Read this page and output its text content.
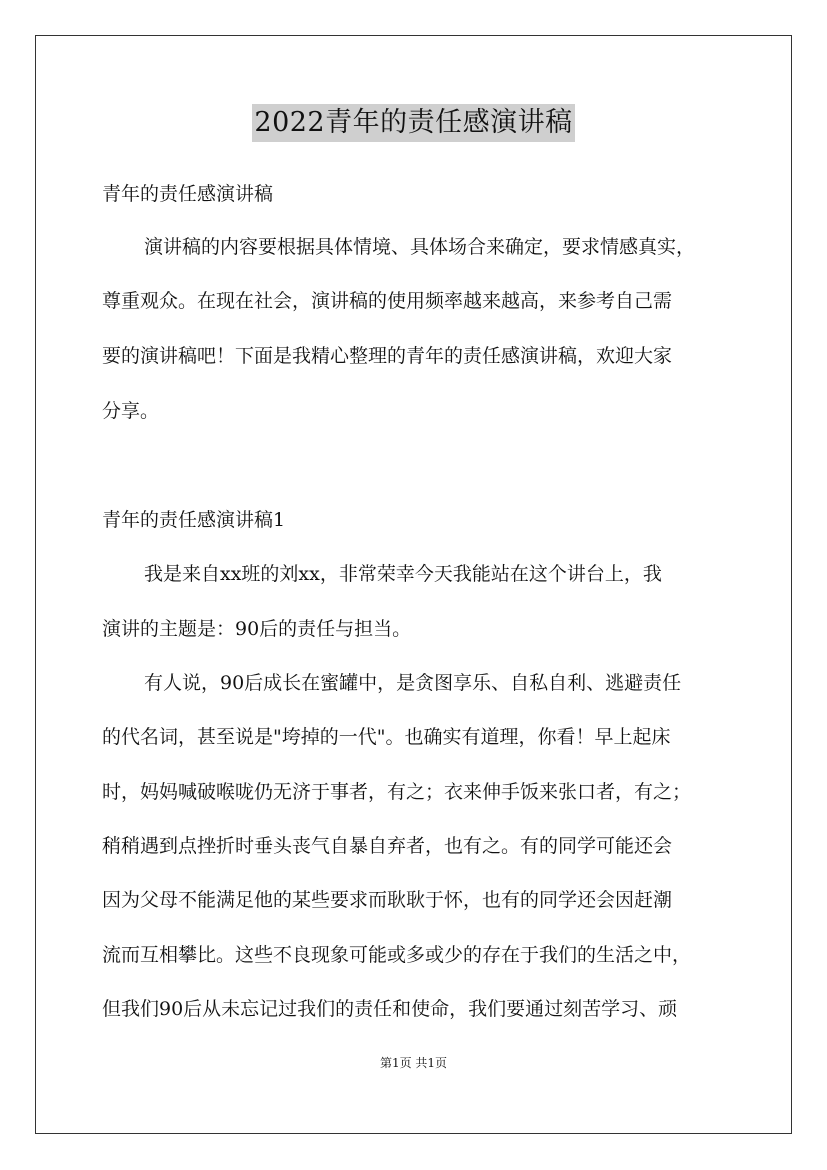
2022青年的责任感演讲稿
青年的责任感演讲稿
演讲稿的内容要根据具体情境、具体场合来确定，要求情感真实，
尊重观众。在现在社会，演讲稿的使用频率越来越高，来参考自己需
要的演讲稿吧！下面是我精心整理的青年的责任感演讲稿，欢迎大家
分享。
青年的责任感演讲稿1
我是来自xx班的刘xx，非常荣幸今天我能站在这个讲台上，我
演讲的主题是：90后的责任与担当。
有人说，90后成长在蜜罐中，是贪图享乐、自私自利、逃避责任
的代名词，甚至说是"垮掉的一代"。也确实有道理，你看！早上起床
时，妈妈喊破喉咙仍无济于事者，有之；衣来伸手饭来张口者，有之；
稍稍遇到点挫折时垂头丧气自暴自弃者，也有之。有的同学可能还会
因为父母不能满足他的某些要求而耿耿于怀，也有的同学还会因赶潮
流而互相攀比。这些不良现象可能或多或少的存在于我们的生活之中，
但我们90后从未忘记过我们的责任和使命，我们要通过刻苦学习、顽
第1页 共1页
